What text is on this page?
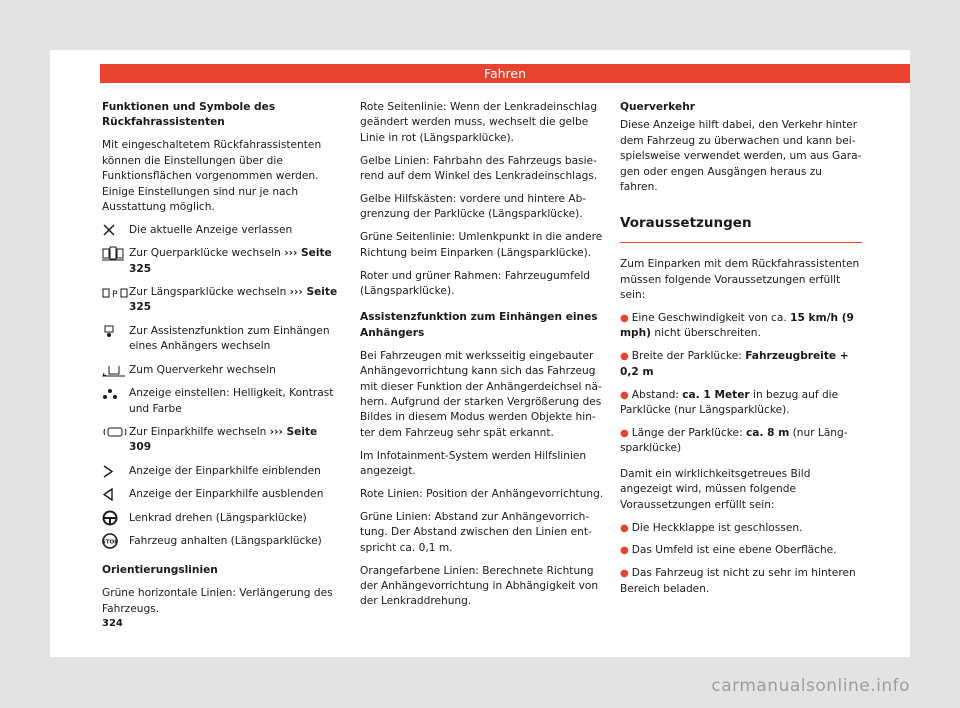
Fahren

Funktionen und Symbole des Rückfahrassistenten

Mit eingeschaltetem Rückfahrassistenten können die Einstellungen über die Funktionsflächen vorgenommen werden. Einige Einstellungen sind nur je nach Ausstattung möglich.

Die aktuelle Anzeige verlassen
Zur Querparklücke wechseln ››› Seite 325
P Zur Längsparklücke wechseln ››› Seite 325
Zur Assistenzfunktion zum Einhängen eines Anhängers wechseln
Zum Querverkehr wechseln
Anzeige einstellen: Helligkeit, Kontrast und Farbe
Zur Einparkhilfe wechseln ››› Seite 309
Anzeige der Einparkhilfe einblenden
Anzeige der Einparkhilfe ausblenden
Lenkrad drehen (Längsparklücke)
STOP Fahrzeug anhalten (Längsparklücke)

Orientierungslinien

Grüne horizontale Linien: Verlängerung des Fahrzeugs.

Rote Seitenlinie: Wenn der Lenkradeinschlag geändert werden muss, wechselt die gelbe Linie in rot (Längsparklücke).

Gelbe Linien: Fahrbahn des Fahrzeugs basierend auf dem Winkel des Lenkradeinschlags.

Gelbe Hilfskästen: vordere und hintere Abgrenzung der Parklücke (Längsparklücke).

Grüne Seitenlinie: Umlenkpunkt in die andere Richtung beim Einparken (Längsparklücke).

Roter und grüner Rahmen: Fahrzeugumfeld (Längsparklücke).

Assistenzfunktion zum Einhängen eines Anhängers

Bei Fahrzeugen mit werksseitig eingebauter Anhängevorrichtung kann sich das Fahrzeug mit dieser Funktion der Anhängerdeichsel nähern. Aufgrund der starken Vergrößerung des Bildes in diesem Modus werden Objekte hinter dem Fahrzeug sehr spät erkannt.

Im Infotainment-System werden Hilfslinien angezeigt.

Rote Linien: Position der Anhängevorrichtung.

Grüne Linien: Abstand zur Anhängevorrichtung. Der Abstand zwischen den Linien entspricht ca. 0,1 m.

Orangefarbene Linien: Berechnete Richtung der Anhängevorrichtung in Abhängigkeit von der Lenkraddrehung.

Querverkehr

Diese Anzeige hilft dabei, den Verkehr hinter dem Fahrzeug zu überwachen und kann beispielsweise verwendet werden, um aus Garagen oder engen Ausgängen heraus zu fahren.

Voraussetzungen

Zum Einparken mit dem Rückfahrassistenten müssen folgende Voraussetzungen erfüllt sein:

● Eine Geschwindigkeit von ca. 15 km/h (9 mph) nicht überschreiten.

● Breite der Parklücke: Fahrzeugbreite + 0,2 m

● Abstand: ca. 1 Meter in bezug auf die Parklücke (nur Längsparklücke).

● Länge der Parklücke: ca. 8 m (nur Längsparklücke)

Damit ein wirklichkeitsgetreues Bild angezeigt wird, müssen folgende Voraussetzungen erfüllt sein:

● Die Heckklappe ist geschlossen.

● Das Umfeld ist eine ebene Oberfläche.

● Das Fahrzeug ist nicht zu sehr im hinteren Bereich beladen.

324
carmanualsonline.info
